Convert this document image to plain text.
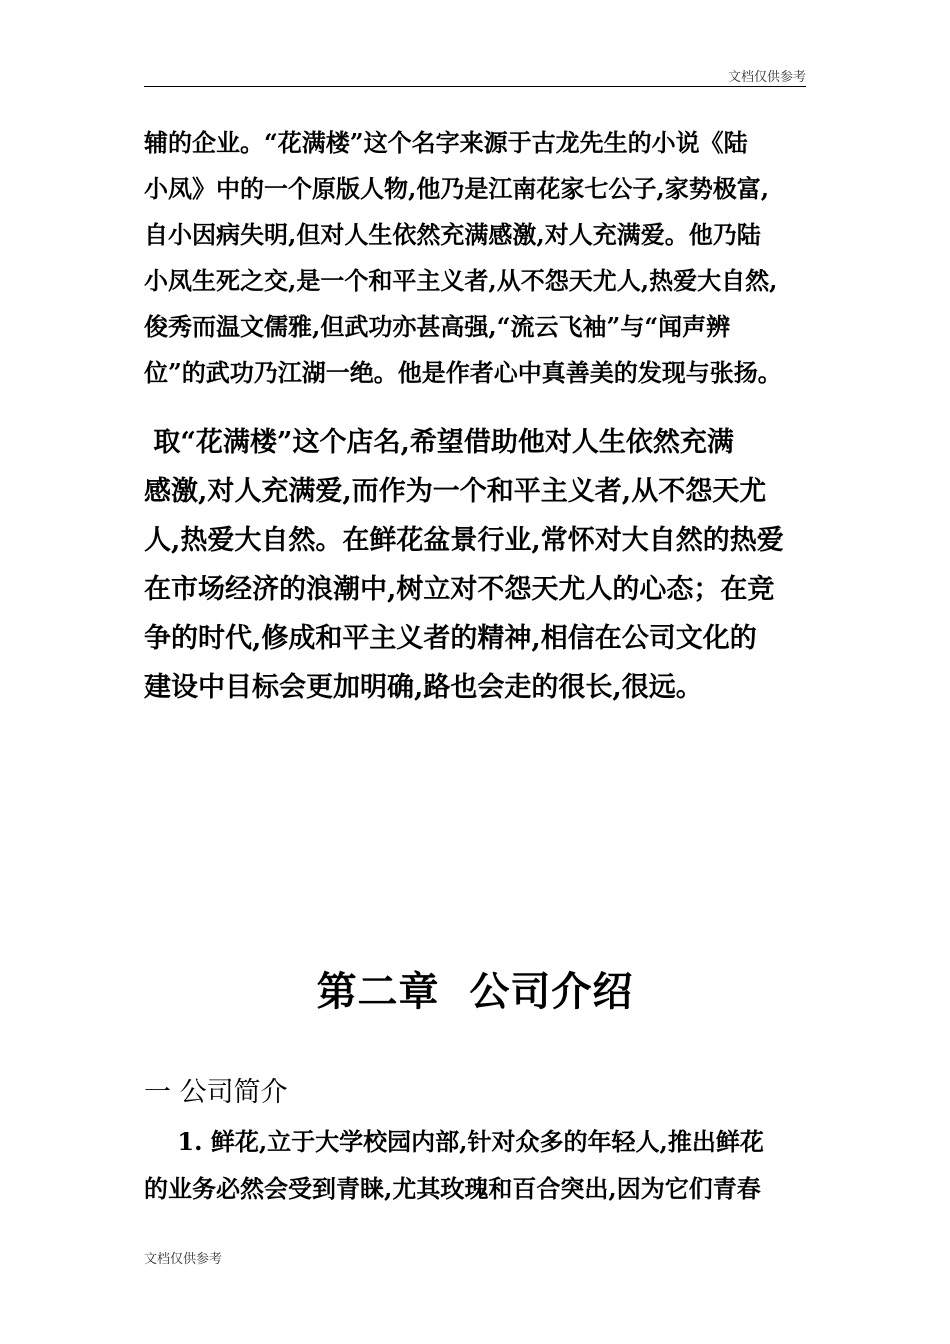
文档仅供参考

辅的企业。“花满楼”这个名字来源于古龙先生的小说《陆
小凤》中的一个原版人物,他乃是江南花家七公子,家势极富,
自小因病失明,但对人生依然充满感激,对人充满爱。他乃陆
小凤生死之交,是一个和平主义者,从不怨天尤人,热爱大自然,
俊秀而温文儒雅,但武功亦甚高强,“流云飞袖”与“闻声辨
位”的武功乃江湖一绝。他是作者心中真善美的发现与张扬。

取“花满楼”这个店名,希望借助他对人生依然充满
感激,对人充满爱,而作为一个和平主义者,从不怨天尤
人,热爱大自然。在鲜花盆景行业,常怀对大自然的热爱
在市场经济的浪潮中,树立对不怨天尤人的心态；在竞
争的时代,修成和平主义者的精神,相信在公司文化的
建设中目标会更加明确,路也会走的很长,很远。

第二章  公司介绍
一 公司简介

1. 鲜花,立于大学校园内部,针对众多的年轻人,推出鲜花
的业务必然会受到青睐,尤其玫瑰和百合突出,因为它们青春

文档仅供参考
